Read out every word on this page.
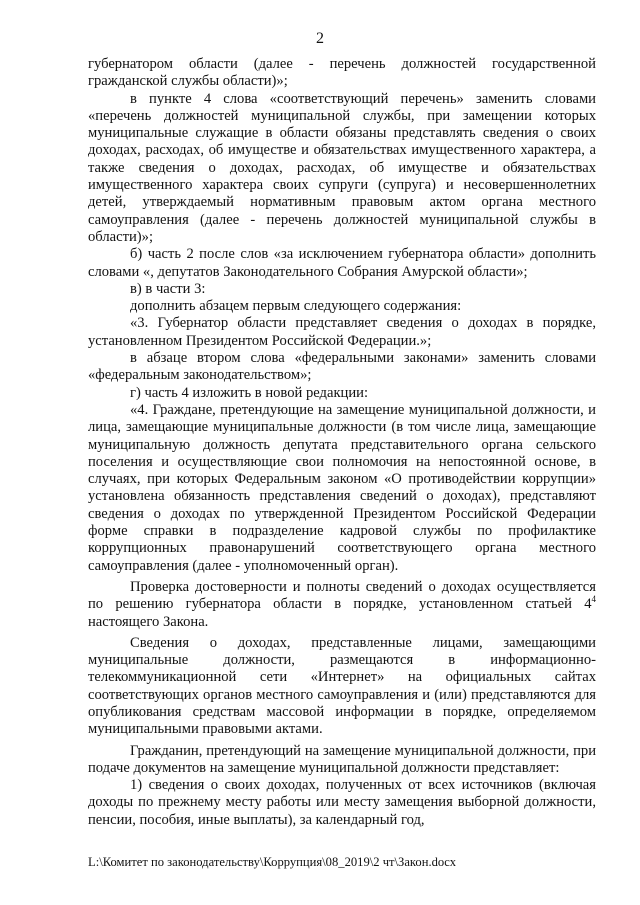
2

губернатором области (далее - перечень должностей государственной гражданской службы области)»;

в пункте 4 слова «соответствующий перечень» заменить словами «перечень должностей муниципальной службы, при замещении которых муниципальные служащие в области обязаны представлять сведения о своих доходах, расходах, об имуществе и обязательствах имущественного характера, а также сведения о доходах, расходах, об имуществе и обязательствах имущественного характера своих супруги (супруга) и несовершеннолетних детей, утверждаемый нормативным правовым актом органа местного самоуправления (далее - перечень должностей муниципальной службы в области)»;

б) часть 2 после слов «за исключением губернатора области» дополнить словами «, депутатов Законодательного Собрания Амурской области»;

в) в части 3:

дополнить абзацем первым следующего содержания:

«3. Губернатор области представляет сведения о доходах в порядке, установленном Президентом Российской Федерации.»;

в абзаце втором слова «федеральными законами» заменить словами «федеральным законодательством»;

г) часть 4 изложить в новой редакции:

«4. Граждане, претендующие на замещение муниципальной должности, и лица, замещающие муниципальные должности (в том числе лица, замещающие муниципальную должность депутата представительного органа сельского поселения и осуществляющие свои полномочия на непостоянной основе, в случаях, при которых Федеральным законом «О противодействии коррупции» установлена обязанность представления сведений о доходах), представляют сведения о доходах по утвержденной Президентом Российской Федерации форме справки в подразделение кадровой службы по профилактике коррупционных правонарушений соответствующего органа местного самоуправления (далее - уполномоченный орган).

Проверка достоверности и полноты сведений о доходах осуществляется по решению губернатора области в порядке, установленном статьей $4^4$ настоящего Закона.

Сведения о доходах, представленные лицами, замещающими муниципальные должности, размещаются в информационно-телекоммуникационной сети «Интернет» на официальных сайтах соответствующих органов местного самоуправления и (или) представляются для опубликования средствам массовой информации в порядке, определяемом муниципальными правовыми актами.

Гражданин, претендующий на замещение муниципальной должности, при подаче документов на замещение муниципальной должности представляет:

1) сведения о своих доходах, полученных от всех источников (включая доходы по прежнему месту работы или месту замещения выборной должности, пенсии, пособия, иные выплаты), за календарный год,

L:\Комитет по законодательству\Коррупция\08_2019\2 чт\Закон.docx
